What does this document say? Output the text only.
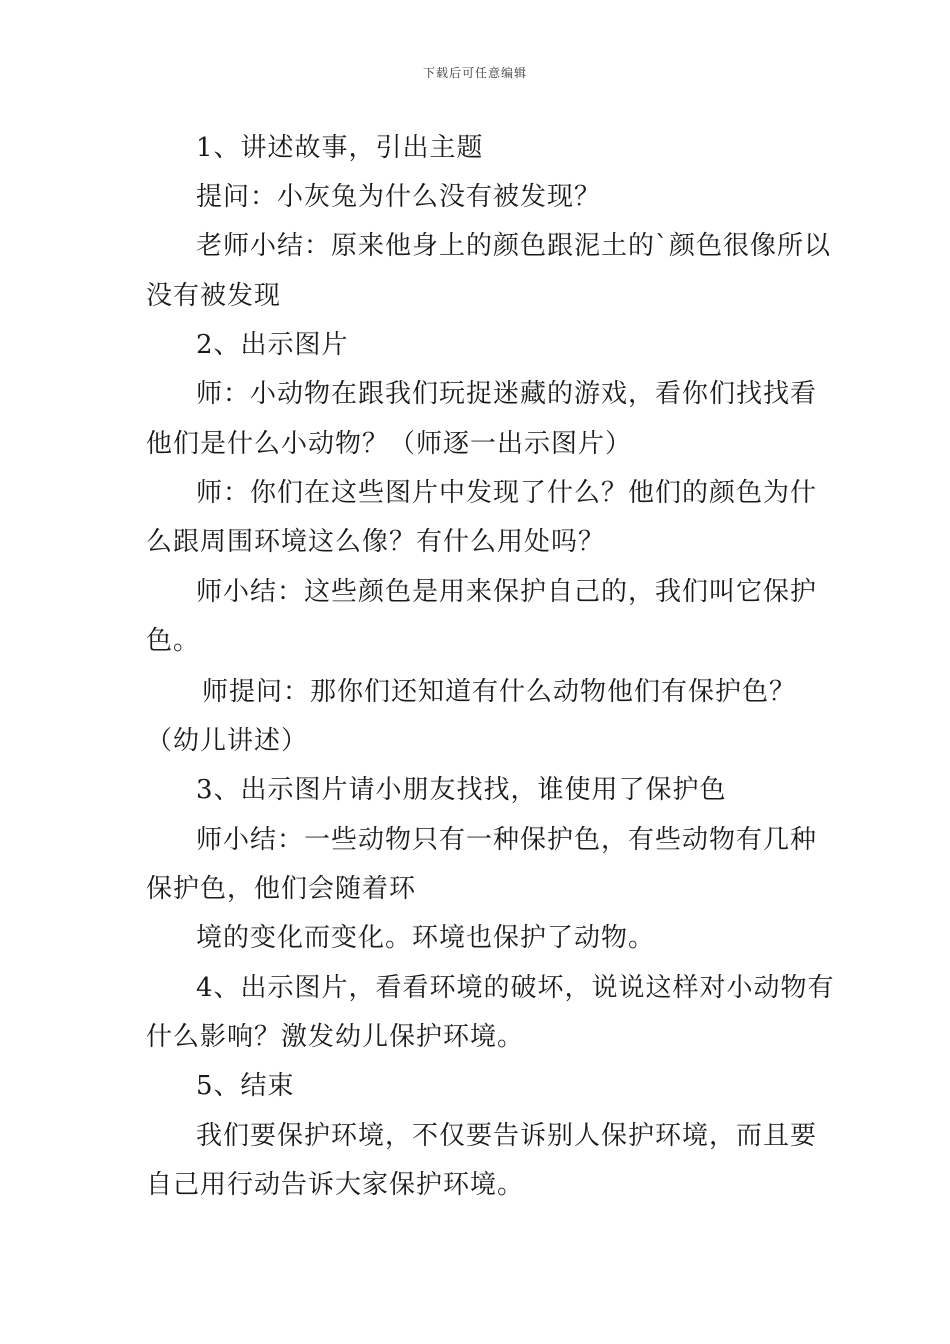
下载后可任意编辑
1、讲述故事，引出主题
提问：小灰兔为什么没有被发现？
老师小结：原来他身上的颜色跟泥土的`颜色很像所以
没有被发现
2、出示图片
师：小动物在跟我们玩捉迷藏的游戏，看你们找找看
他们是什么小动物？（师逐一出示图片）
师：你们在这些图片中发现了什么？他们的颜色为什
么跟周围环境这么像？有什么用处吗？
师小结：这些颜色是用来保护自己的，我们叫它保护
色。
师提问：那你们还知道有什么动物他们有保护色？
（幼儿讲述）
3、出示图片请小朋友找找，谁使用了保护色
师小结：一些动物只有一种保护色，有些动物有几种
保护色，他们会随着环
境的变化而变化。环境也保护了动物。
4、出示图片，看看环境的破坏，说说这样对小动物有
什么影响？激发幼儿保护环境。
5、结束
我们要保护环境，不仅要告诉别人保护环境，而且要
自己用行动告诉大家保护环境。
